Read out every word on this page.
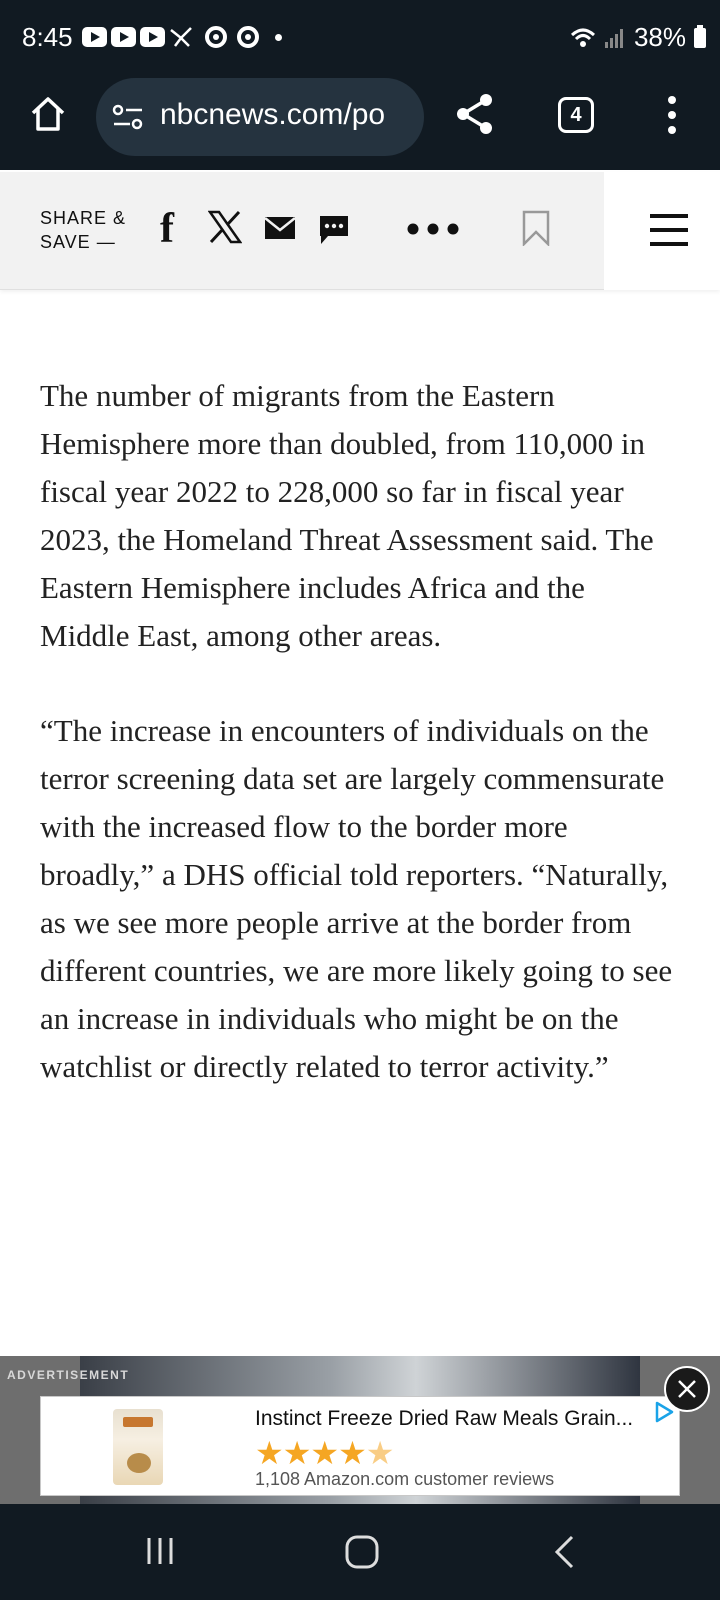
8:45	38%
nbcnews.com/po	4
SHARE &
SAVE —	f

The number of migrants from the Eastern Hemisphere more than doubled, from 110,000 in fiscal year 2022 to 228,000 so far in fiscal year 2023, the Homeland Threat Assessment said. The Eastern Hemisphere includes Africa and the Middle East, among other areas.

“The increase in encounters of individuals on the terror screening data set are largely commensurate with the increased flow to the border more broadly,” a DHS official told reporters. “Naturally, as we see more people arrive at the border from different countries, we are more likely going to see an increase in individuals who might be on the watchlist or directly related to terror activity.”

ADVERTISEMENT
Instinct Freeze Dried Raw Meals Grain...
★★★★★
1,108 Amazon.com customer reviews
